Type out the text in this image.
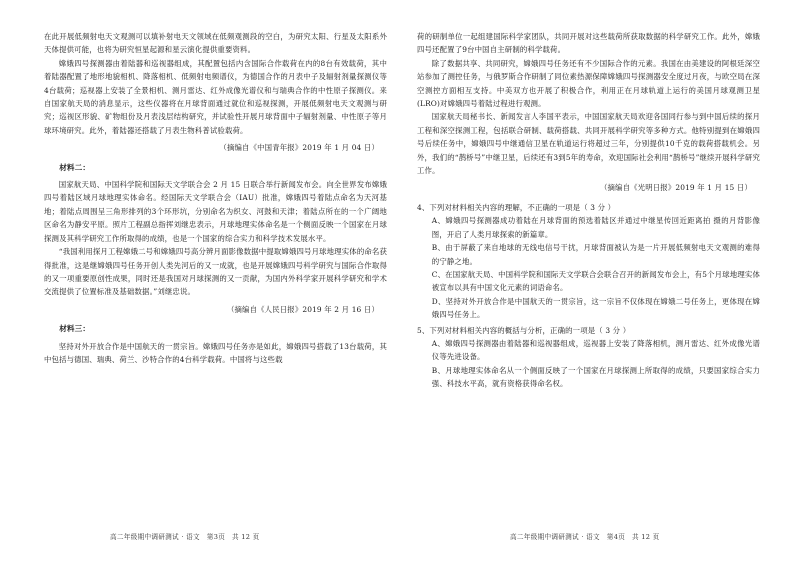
在此开展低频射电天文观测可以填补射电天文领域在低频观测段的空白，为研究太阳、行星及太阳系外天体提供可能，也将为研究恒星起源和星云演化提供重要资料。

嫦娥四号探测器由着陆器和巡视器组成，其配置包括内含国际合作载荷在内的8台有效载荷，其中着陆器配置了地形地貌相机、降落相机、低频射电频谱仪，为德国合作的月表中子及辐射剂量探测仪等4台载荷；巡视器上安装了全景相机、测月雷达、红外成像光谱仪和与瑞典合作的中性原子探测仪。来自国家航天局的消息显示，这些仪器将在月球背面通过就位和巡视探测，开展低频射电天文观测与研究；巡视区形貌、矿物组份及月表浅层结构研究，并试验性开展月球背面中子辐射剂量、中性原子等月球环境研究。此外，着陆器还搭载了月表生物科普试验载荷。

（摘编自《中国青年报》2019 年 1 月 04 日）

材料二：

国家航天局、中国科学院和国际天文学联合会 2 月 15 日联合举行新闻发布会。向全世界发布嫦娥四号着陆区域月球地理实体命名。经国际天文学联合会（IAU）批准，嫦娥四号着陆点命名为天河基地；着陆点周围呈三角形排列的3个环形坑，分别命名为织女、河鼓和天津；着陆点所在的一个广阔地区命名为静安平原。照片工程副总指挥刘继忠表示，月球地理实体命名是一个侧面反映一个国家在月球探测及其科学研究工作所取得的成绩，也是一个国家的综合实力和科学技术发展水平。

“我国利用探月工程嫦娥二号和嫦娥四号高分辨月面影像数据中提取嫦娥四号月球地理实体的命名获得批准，这是继嫦娥四号任务开创人类先河后的又一成就，也是开展嫦娥四号科学研究与国际合作取得的又一项重要原创性成果，同时还是我国对月球探测的又一贡献，为国内外科学家开展科学研究和学术交流提供了位置标准及基础数据。”刘继忠说。

（摘编自《人民日报》2019 年 2 月 16 日）

材料三：

坚持对外开放合作是中国航天的一贯宗旨。嫦娥四号任务亦是如此，嫦娥四号搭载了13台载荷，其中包括与德国、瑞典、荷兰、沙特合作的4台科学载荷。中国将与这些载

荷的研制单位一起组建国际科学家团队，共同开展对这些载荷所获取数据的科学研究工作。此外，嫦娥四号还配置了9台中国自主研制的科学载荷。

除了数据共享、共同研究，嫦娥四号任务还有不少国际合作的元素。我国在由美建设的阿根廷深空站参加了测控任务，与俄罗斯合作研制了同位素热源保障嫦娥四号探测器安全度过月夜，与欧空局在深空测控方面相互支持。中美双方也开展了积极合作，利用正在月球轨道上运行的美国月球观测卫星(LRO)对嫦娥四号着陆过程进行观测。

国家航天局秘书长、新闻发言人李国平表示，中国国家航天局欢迎各国同行参与到中国后续的探月工程和深空探测工程，包括联合研制、载荷搭载、共同开展科学研究等多种方式。他特别提到在嫦娥四号后续任务中，嫦娥四号中继通信卫星在轨道运行将超过三年，分别提供10千克的载荷搭载机会。另外，我们的“鹊桥号”中继卫星，后续还有3到5年的寿命，欢迎国际社会利用“鹊桥号”继续开展科学研究工作。

（摘编自《光明日报》2019 年 1 月 15 日）

4、下列对材料相关内容的理解，不正确的一项是（ 3 分 ）

A、嫦娥四号探测器成功着陆在月球背面的预选着陆区并通过中继星传回近距离拍 摄的月背影像图，开启了人类月球探索的新篇章。

B、由于屏蔽了来自地球的无线电信号干扰，月球背面被认为是一片开展低频射电天文观测的难得的宁静之地。

C、在国家航天局、中国科学院和国际天文学联合会联合召开的新闻发布会上，有5个月球地理实体被宣布以具有中国文化元素的词语命名。

D、坚持对外开放合作是中国航天的一贯宗旨，这一宗旨不仅体现在嫦娥二号任务上，更体现在嫦娥四号任务上。

5、下列对材料相关内容的概括与分析，正确的一项是（ 3 分 ）

A、嫦娥四号探测器由着陆器和巡视器组成，巡视器上安装了降落相机，测月雷达、红外成像光谱仪等先进设备。

B、月球地理实体命名从一个侧面反映了一个国家在月球探测上所取得的成绩，只要国家综合实力强、科技水平高，就有资格获得命名权。

高二年级期中调研测试 · 语文　第3页　共 12 页	高二年级期中调研测试 · 语文　第4页　共 12 页
